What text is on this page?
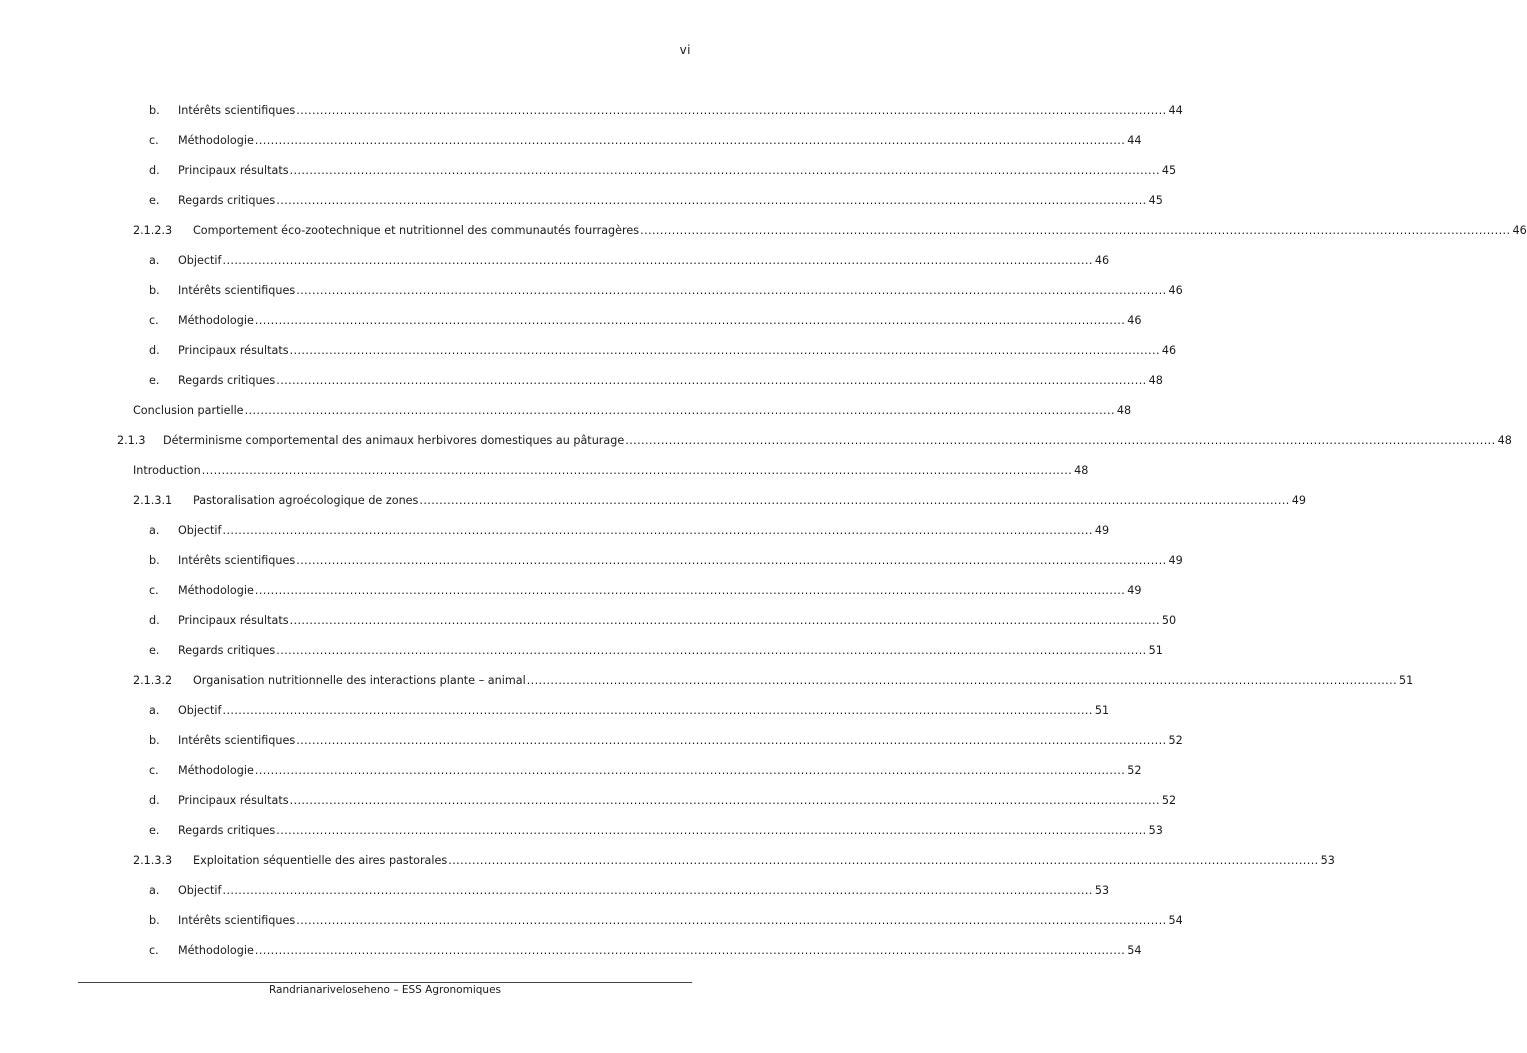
vi
b. Intérêts scientifiques ............................................................................................................................................................................................................................ 44
c. Méthodologie ............................................................................................................................................................................................................................ 44
d. Principaux résultats ............................................................................................................................................................................................................................ 45
e. Regards critiques ............................................................................................................................................................................................................................ 45
2.1.2.3 Comportement éco-zootechnique et nutritionnel des communautés fourragères ............................................................................................................................................................................................................................ 46
a. Objectif ............................................................................................................................................................................................................................ 46
b. Intérêts scientifiques ............................................................................................................................................................................................................................ 46
c. Méthodologie ............................................................................................................................................................................................................................ 46
d. Principaux résultats ............................................................................................................................................................................................................................ 46
e. Regards critiques ............................................................................................................................................................................................................................ 48
Conclusion partielle ............................................................................................................................................................................................................................ 48
2.1.3 Déterminisme comportemental des animaux herbivores domestiques au pâturage ............................................................................................................................................................................................................................ 48
Introduction ............................................................................................................................................................................................................................ 48
2.1.3.1 Pastoralisation agroécologique de zones ............................................................................................................................................................................................................................ 49
a. Objectif ............................................................................................................................................................................................................................ 49
b. Intérêts scientifiques ............................................................................................................................................................................................................................ 49
c. Méthodologie ............................................................................................................................................................................................................................ 49
d. Principaux résultats ............................................................................................................................................................................................................................ 50
e. Regards critiques ............................................................................................................................................................................................................................ 51
2.1.3.2 Organisation nutritionnelle des interactions plante – animal ............................................................................................................................................................................................................................ 51
a. Objectif ............................................................................................................................................................................................................................ 51
b. Intérêts scientifiques ............................................................................................................................................................................................................................ 52
c. Méthodologie ............................................................................................................................................................................................................................ 52
d. Principaux résultats ............................................................................................................................................................................................................................ 52
e. Regards critiques ............................................................................................................................................................................................................................ 53
2.1.3.3 Exploitation séquentielle des aires pastorales ............................................................................................................................................................................................................................ 53
a. Objectif ............................................................................................................................................................................................................................ 53
b. Intérêts scientifiques ............................................................................................................................................................................................................................ 54
c. Méthodologie ............................................................................................................................................................................................................................ 54
Randrianariveloseheno – ESS Agronomiques
